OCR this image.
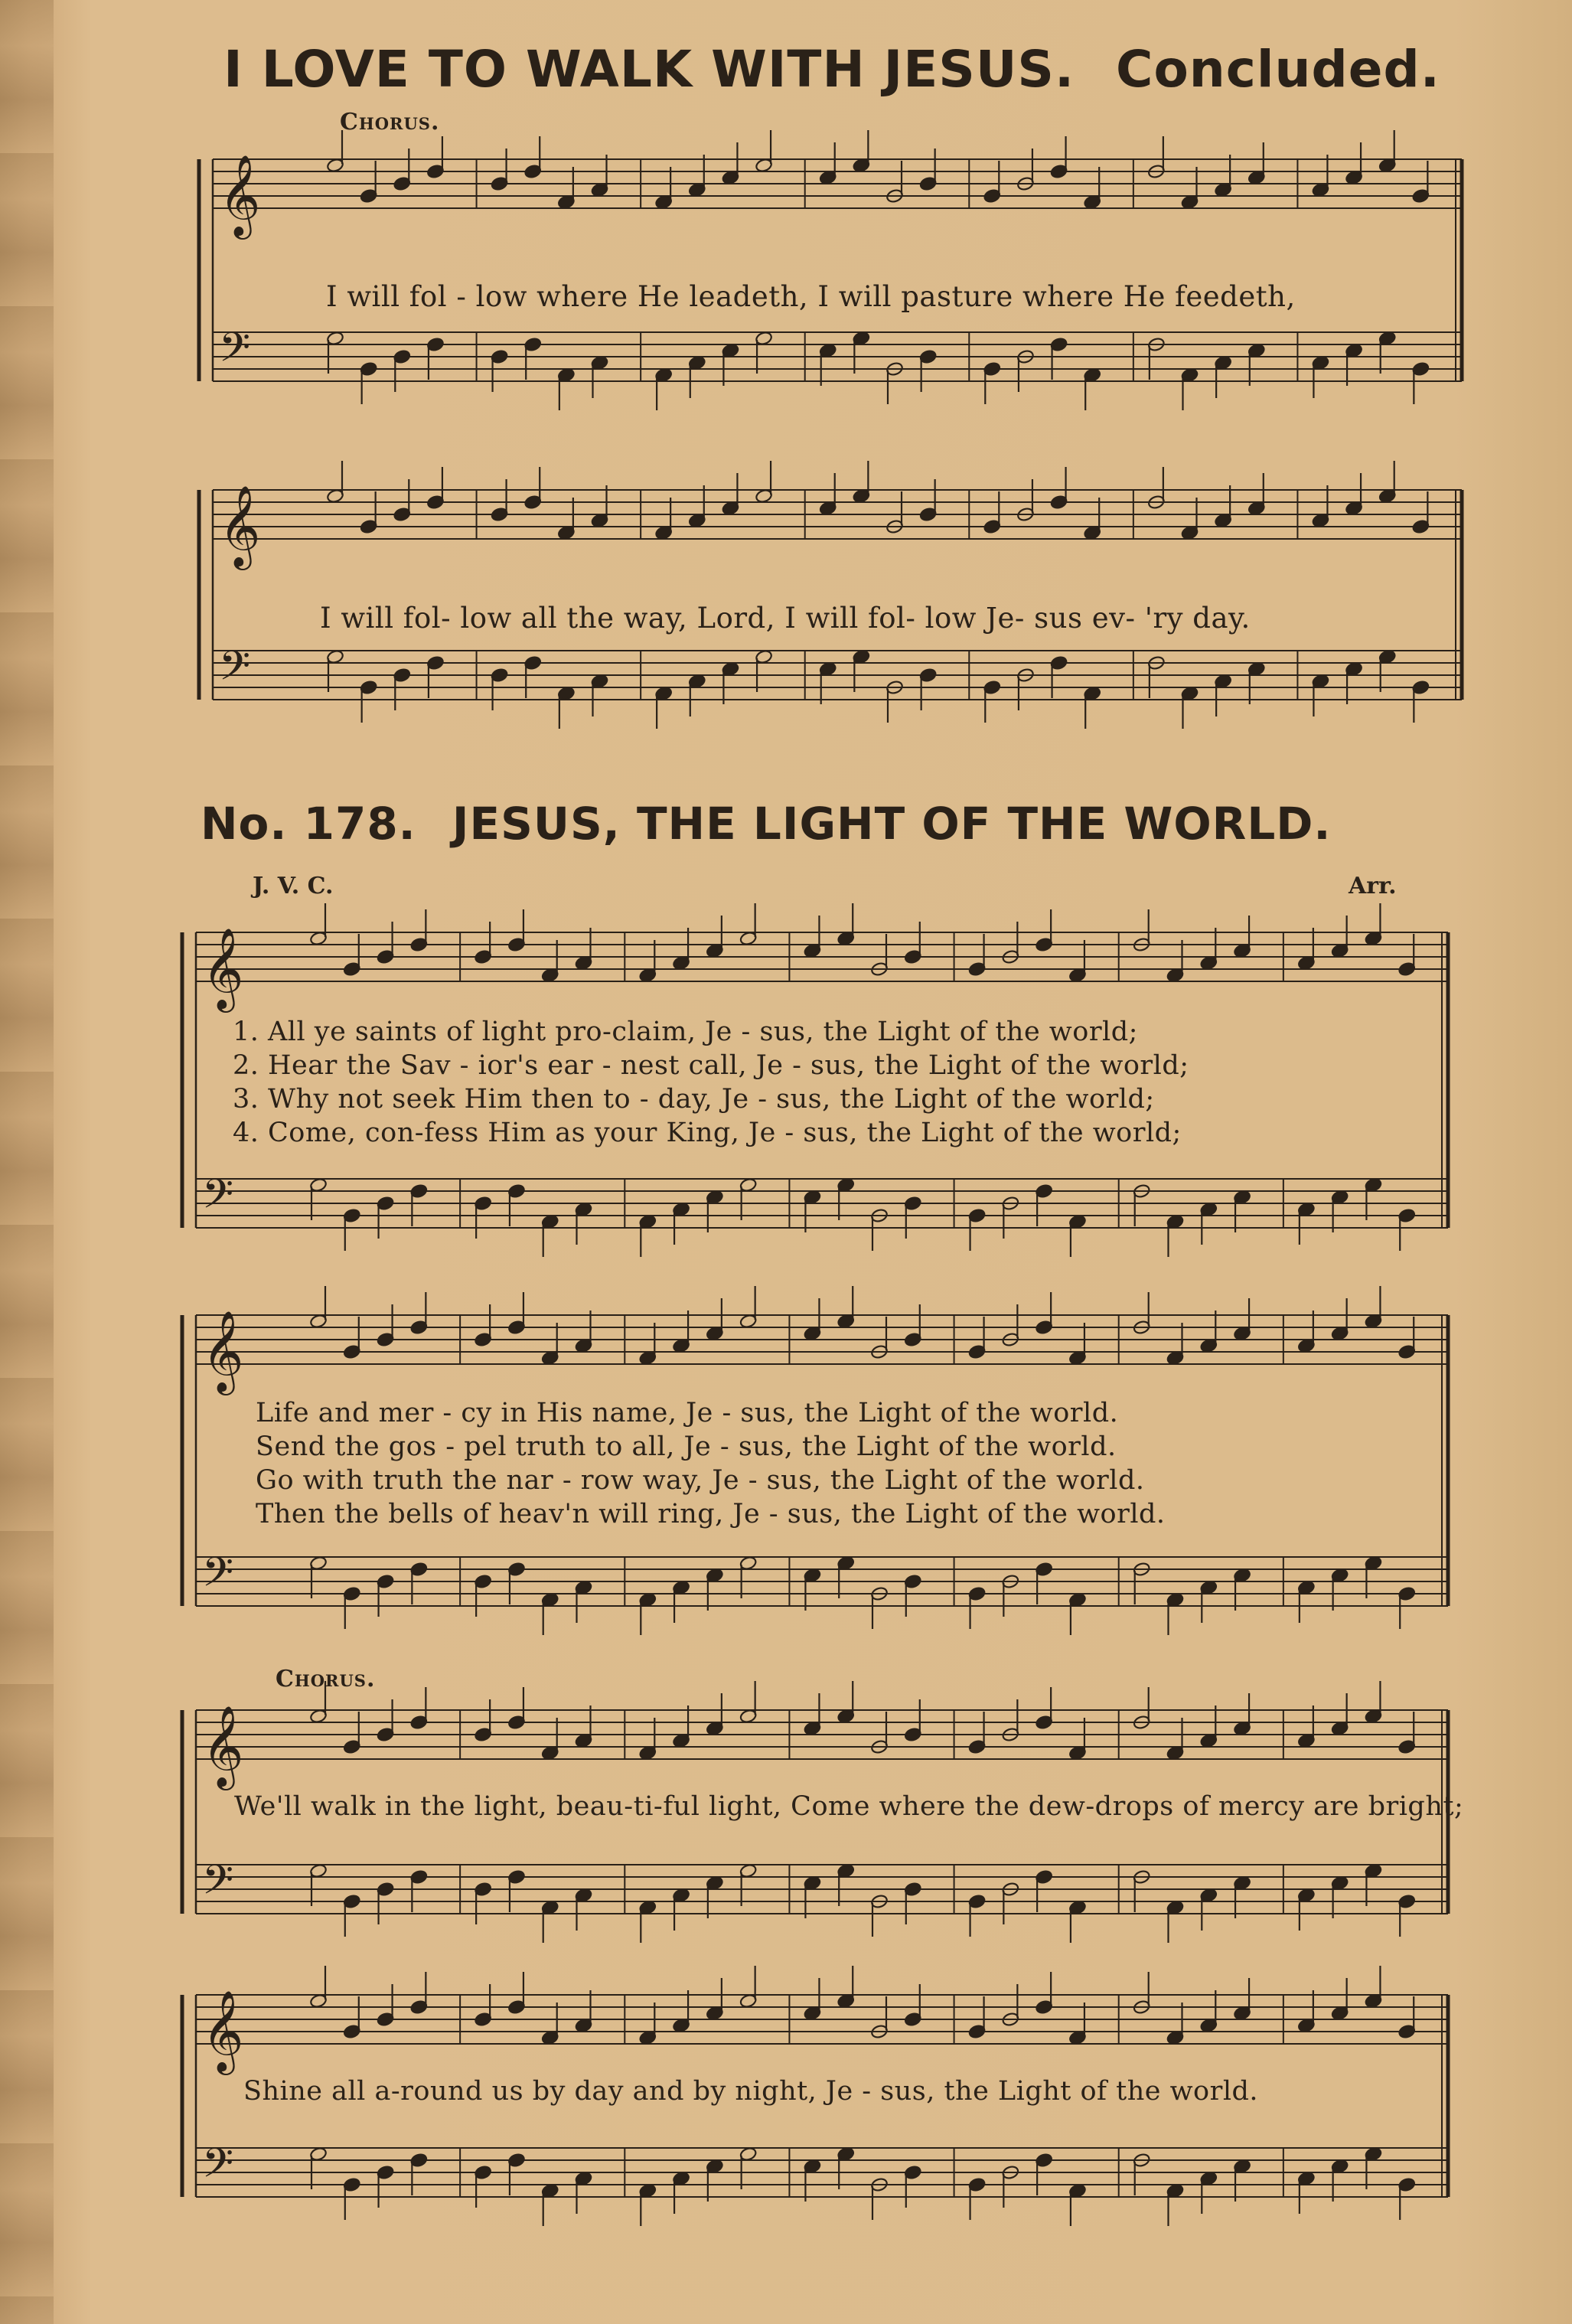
I LOVE TO WALK WITH JESUS. Concluded.
Chorus.
𝄞
𝄢
𝄞
𝄢
𝄞
𝄢
𝄞
𝄢
𝄞
𝄢
𝄞
𝄢
I will fol - low where He leadeth, I will pasture where He feedeth,
I will fol- low all the way, Lord, I will fol- low Je- sus ev- 'ry day.
No. 178. JESUS, THE LIGHT OF THE WORLD.
J. V. C.	Arr.
1. All ye saints of light pro-claim, Je - sus, the Light of the world;
2. Hear the Sav - ior's ear - nest call, Je - sus, the Light of the world;
3. Why not seek Him then to - day, Je - sus, the Light of the world;
4. Come, con-fess Him as your King, Je - sus, the Light of the world;
Life and mer - cy in His name, Je - sus, the Light of the world.
Send the gos - pel truth to all, Je - sus, the Light of the world.
Go with truth the nar - row way, Je - sus, the Light of the world.
Then the bells of heav'n will ring, Je - sus, the Light of the world.
Chorus.
We'll walk in the light, beau-ti-ful light, Come where the dew-drops of mercy are bright;
Shine all a-round us by day and by night, Je - sus, the Light of the world.
